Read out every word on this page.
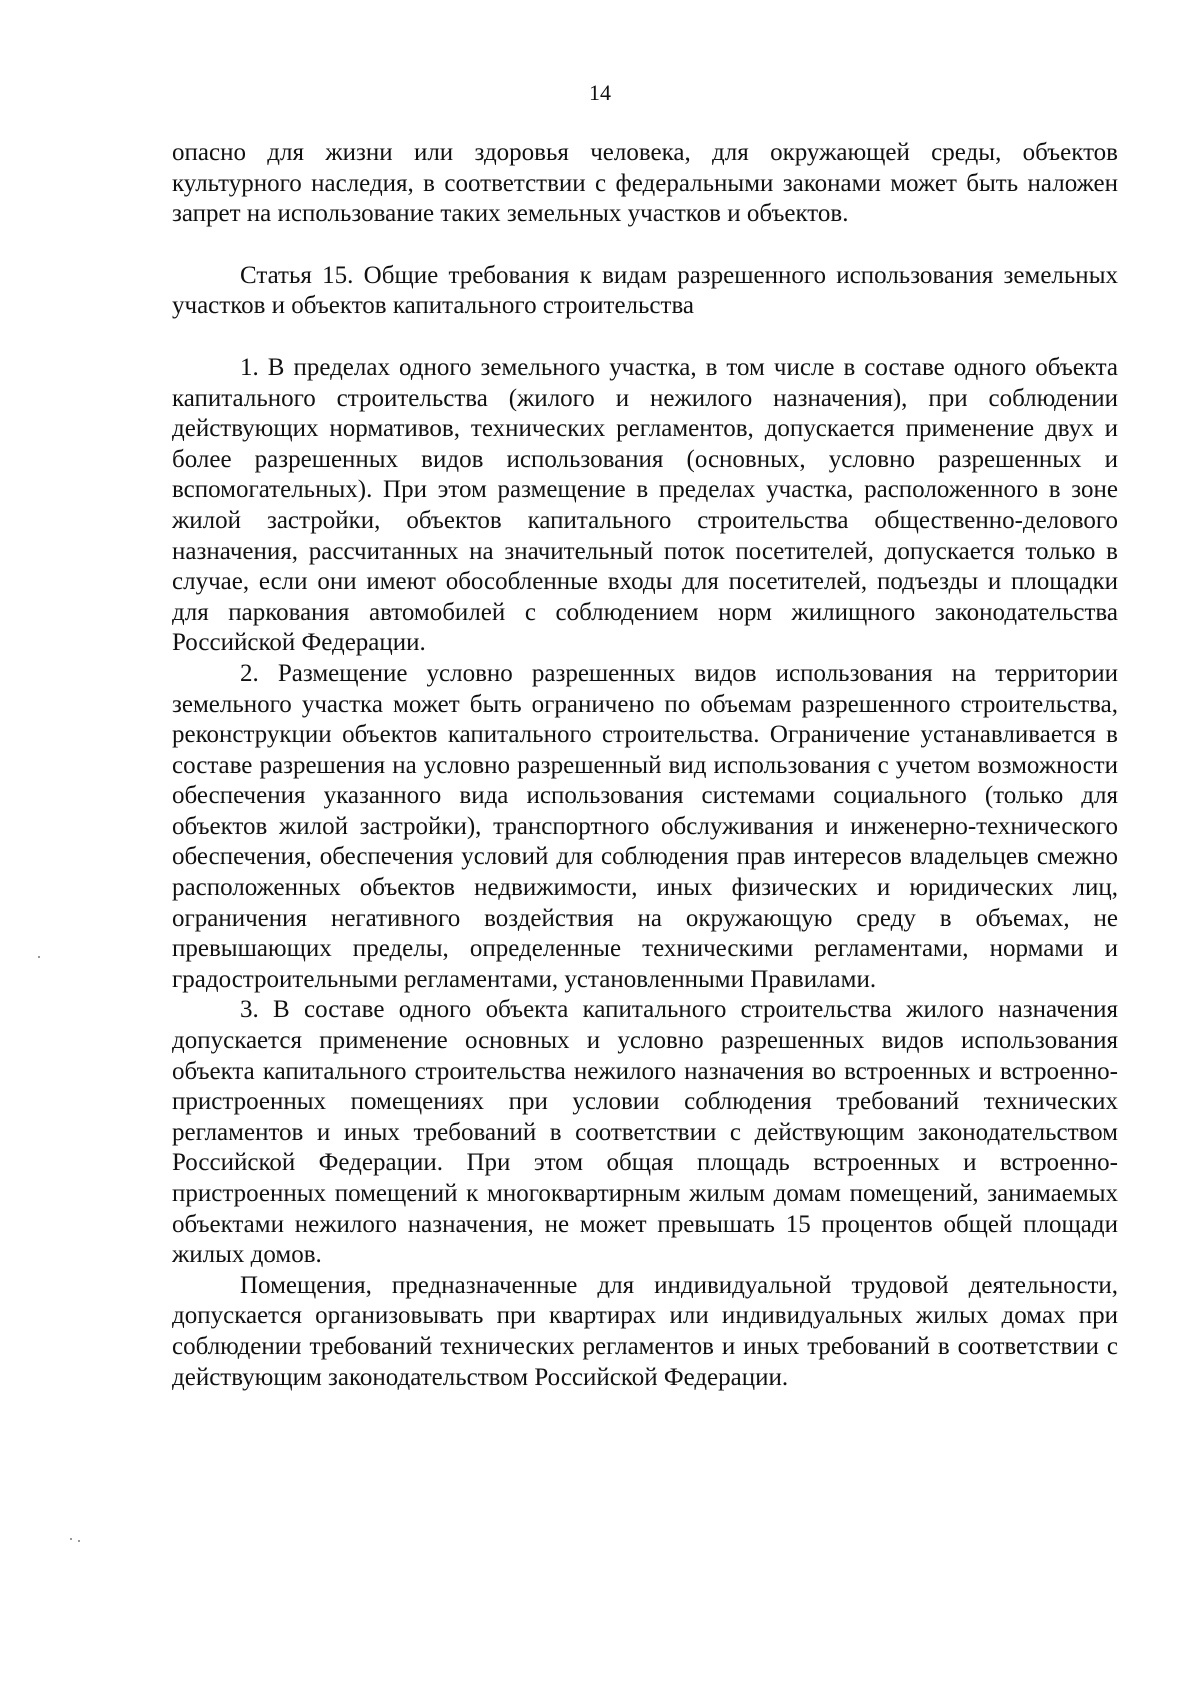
14

опасно для жизни или здоровья человека, для окружающей среды, объектов культурного наследия, в соответствии с федеральными законами может быть наложен запрет на использование таких земельных участков и объектов.

Статья 15. Общие требования к видам разрешенного использования земельных участков и объектов капитального строительства

1. В пределах одного земельного участка, в том числе в составе одного объекта капитального строительства (жилого и нежилого назначения), при соблюдении действующих нормативов, технических регламентов, допускается применение двух и более разрешенных видов использования (основных, условно разрешенных и вспомогательных). При этом размещение в пределах участка, расположенного в зоне жилой застройки, объектов капитального строительства общественно-делового назначения, рассчитанных на значительный поток посетителей, допускается только в случае, если они имеют обособленные входы для посетителей, подъезды и площадки для паркования автомобилей с соблюдением норм жилищного законодательства Российской Федерации.

2. Размещение условно разрешенных видов использования на территории земельного участка может быть ограничено по объемам разрешенного строительства, реконструкции объектов капитального строительства. Ограничение устанавливается в составе разрешения на условно разрешенный вид использования с учетом возможности обеспечения указанного вида использования системами социального (только для объектов жилой застройки), транспортного обслуживания и инженерно-технического обеспечения, обеспечения условий для соблюдения прав интересов владельцев смежно расположенных объектов недвижимости, иных физических и юридических лиц, ограничения негативного воздействия на окружающую среду в объемах, не превышающих пределы, определенные техническими регламентами, нормами и градостроительными регламентами, установленными Правилами.

3. В составе одного объекта капитального строительства жилого назначения допускается применение основных и условно разрешенных видов использования объекта капитального строительства нежилого назначения во встроенных и встроенно-пристроенных помещениях при условии соблюдения требований технических регламентов и иных требований в соответствии с действующим законодательством Российской Федерации. При этом общая площадь встроенных и встроенно-пристроенных помещений к многоквартирным жилым домам помещений, занимаемых объектами нежилого назначения, не может превышать 15 процентов общей площади жилых домов.

Помещения, предназначенные для индивидуальной трудовой деятельности, допускается организовывать при квартирах или индивидуальных жилых домах при соблюдении требований технических регламентов и иных требований в соответствии с действующим законодательством Российской Федерации.
